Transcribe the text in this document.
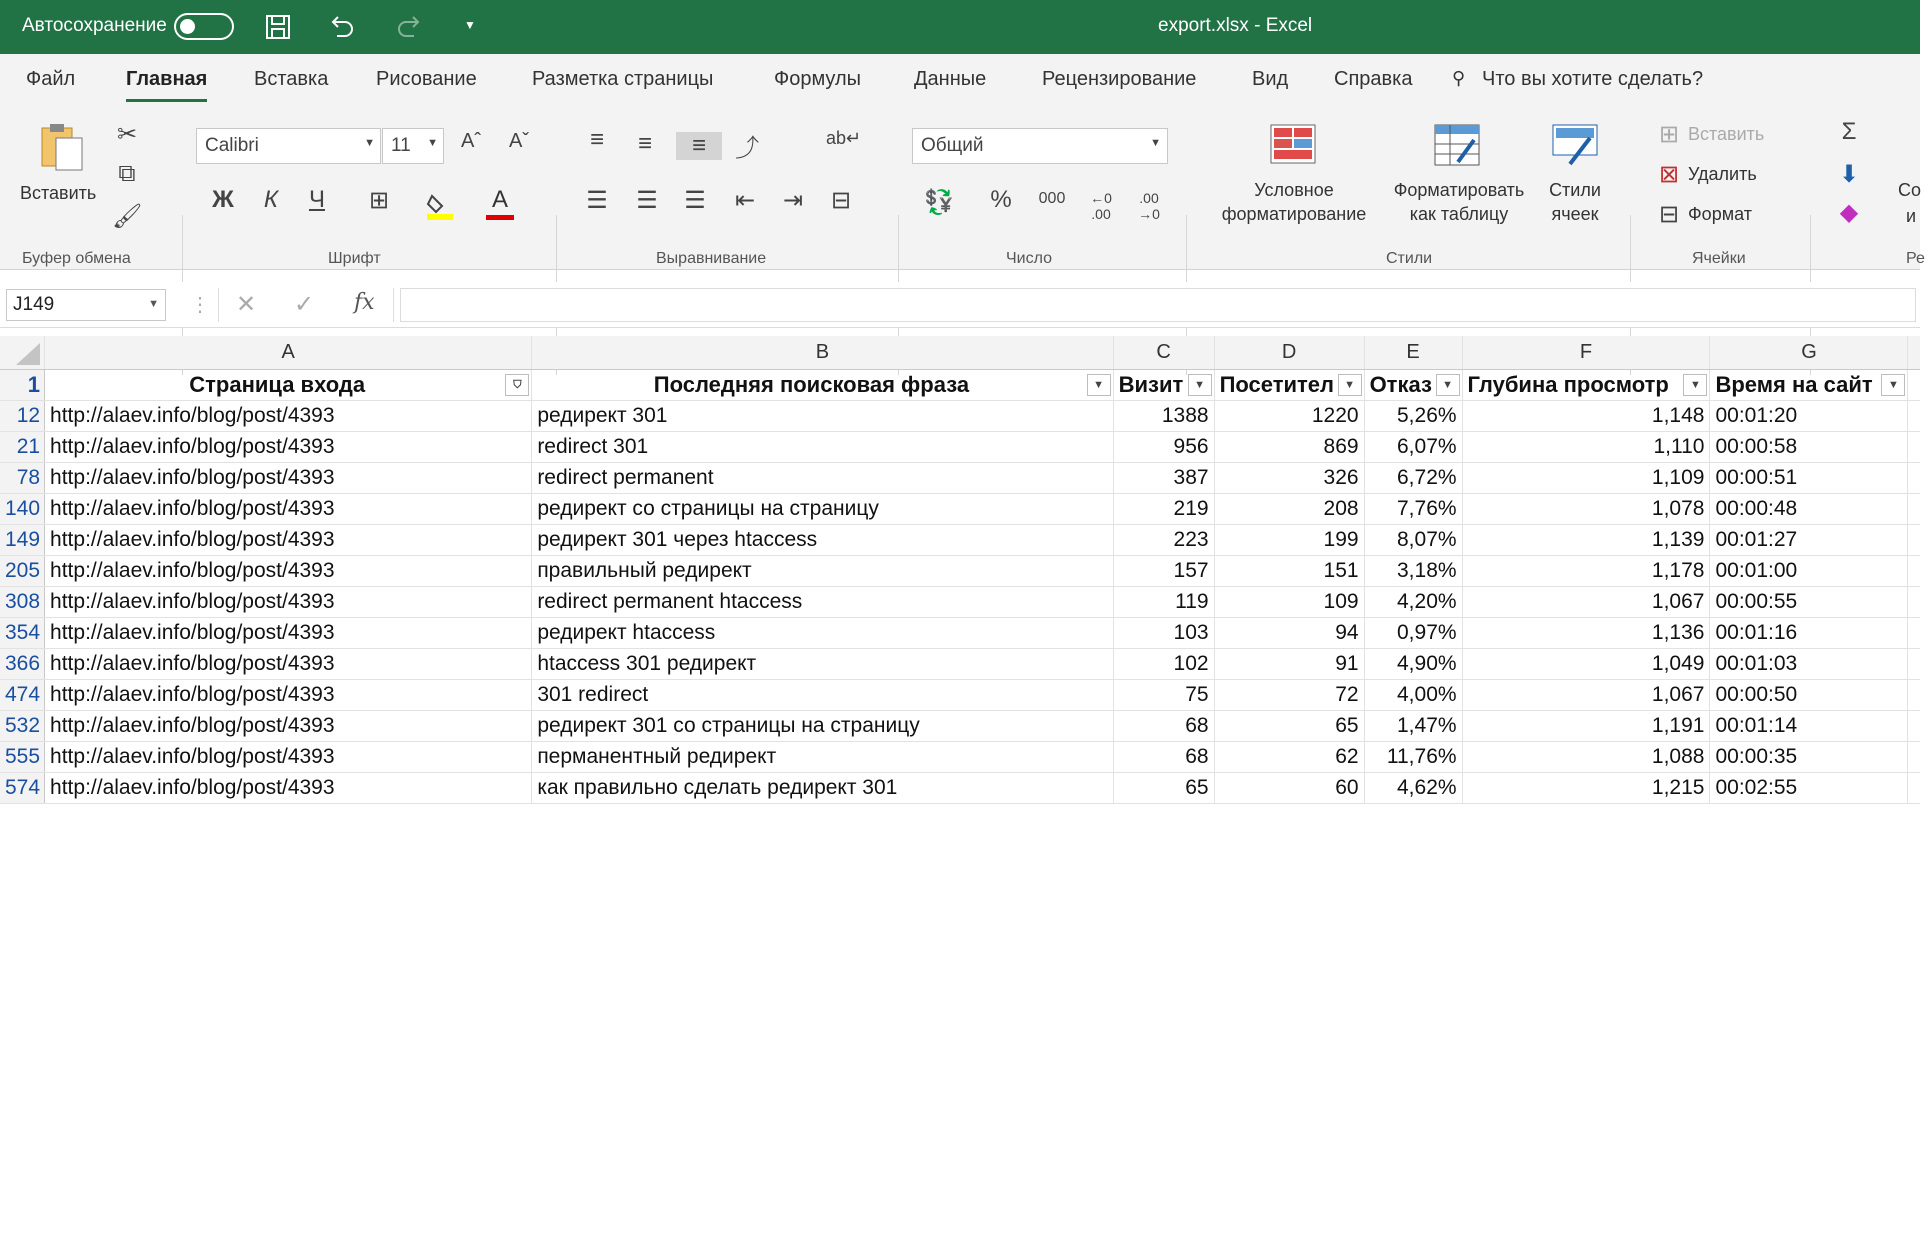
Автосохранение	▼	export.xlsx - Excel
Файл	Главная Вставка Рисование	Разметка страницы	Формулы	Данные	Рецензирование	Вид Справка ⚲ Что вы хотите сделать?
Вставить
✂
⧉
🖌
Буфер обмена
Calibri	▼ 11 ▼ Aˆ Aˇ
Ж	К	Ч ⊞	A
Шрифт
≡	≡	≡	⤴	ab↵
☰ ☰ ☰ ⇤ ⇥ ⊟
Выравнивание
Общий	▼
💱 %	000	←0
.00
.00
→0
Число
Условное форматирование
Форматировать как таблицу
Стили ячеек
Стили
⊞ Вставить
⊠ Удалить
⊟ Формат
Ячейки
Σ
⬇
◆
Со
и
Ре
J149	▼ ⋮ ✕ ✓ fx
	A	B	C	D	E	F	G	
1	Страница входа ⛉	Последняя поисковая фраза ▼	Визит ▼	Посетител ▼	Отказ ▼	Глубина просмотр ▼	Время на сайт ▼	

12	http://alaev.info/blog/post/4393	редирект 301	1388	1220	5,26%	1,148	00:01:20	
21	http://alaev.info/blog/post/4393	redirect 301	956	869	6,07%	1,110	00:00:58	
78	http://alaev.info/blog/post/4393	redirect permanent	387	326	6,72%	1,109	00:00:51	
140	http://alaev.info/blog/post/4393	редирект со страницы на страницу	219	208	7,76%	1,078	00:00:48	
149	http://alaev.info/blog/post/4393	редирект 301 через htaccess	223	199	8,07%	1,139	00:01:27	
205	http://alaev.info/blog/post/4393	правильный редирект	157	151	3,18%	1,178	00:01:00	
308	http://alaev.info/blog/post/4393	redirect permanent htaccess	119	109	4,20%	1,067	00:00:55	
354	http://alaev.info/blog/post/4393	редирект htaccess	103	94	0,97%	1,136	00:01:16	
366	http://alaev.info/blog/post/4393	htaccess 301 редирект	102	91	4,90%	1,049	00:01:03	
474	http://alaev.info/blog/post/4393	301 redirect	75	72	4,00%	1,067	00:00:50	
532	http://alaev.info/blog/post/4393	редирект 301 со страницы на страницу	68	65	1,47%	1,191	00:01:14	
555	http://alaev.info/blog/post/4393	перманентный редирект	68	62	11,76%	1,088	00:00:35	
574	http://alaev.info/blog/post/4393	как правильно сделать редирект 301	65	60	4,62%	1,215	00:02:55	
